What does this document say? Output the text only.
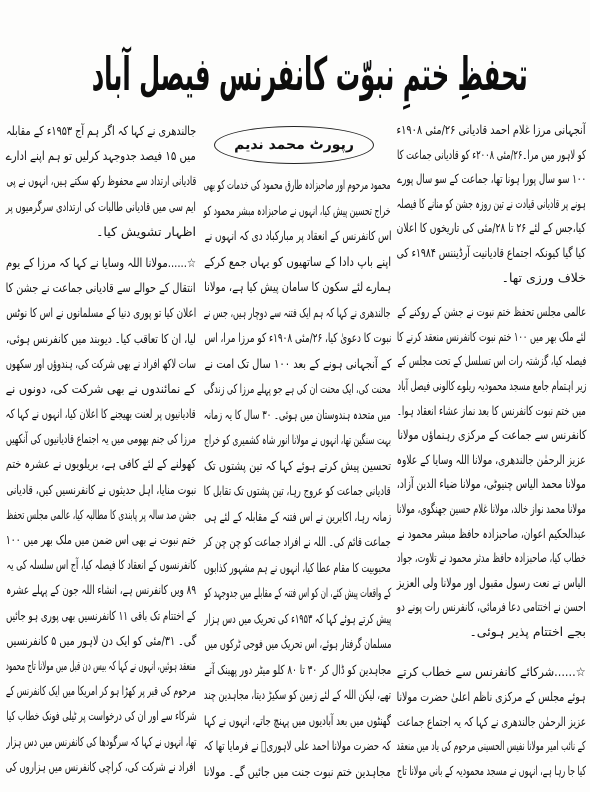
تحفظِ ختمِ نبوّت کانفرنس فیصل آباد
آنجہانی مرزا غلام احمد قادیانی ۲۶/مئی ۱۹۰۸ء
کو لاہور میں مرا۔۲۶/مئی ۲۰۰۸ء کو قادیانی جماعت کا
۱۰۰ سو سال پورا ہونا تھا، جماعت کے سو سال پورے
ہونے پر قادیانی قیادت نے تین روزہ جشن کو منانے کا فیصلہ
کیا،جس کے لئے ۲۶ تا ۲۸/مئی کی تاریخوں کا اعلان
کیا گیا کیونکہ اجتماع قادیانیت آرڈیننس ۱۹۸۴ء کی
خلاف ورزی تھا۔
عالمی مجلس تحفظ ختم نبوت نے جشن کے روکنے کے
لئے ملک بھر میں ۱۰۰ ختم نبوت کانفرنس منعقد کرنے کا
فیصلہ کیا، گزشتہ رات اس تسلسل کے تحت مجلس کے
زیر اہتمام جامع مسجد محمودیہ ریلوے کالونی فیصل آباد
میں ختم نبوت کانفرنس کا بعد نماز عشاء انعقاد ہوا۔
کانفرنس سے جماعت کے مرکزی رہنماؤں مولانا
عزیز الرحمٰن جالندھری، مولانا اللہ وسایا کے علاوہ
مولانا محمد الیاس چنیوٹی، مولانا ضیاء الدین آزاد،
مولانا محمد نواز خالد، مولانا غلام حسین جھنگوی، مولانا
عبدالحکیم اعوان، صاحبزادہ حافظ مبشر محمود نے
خطاب کیا، صاحبزادہ حافظ مدثر محمود نے تلاوت، جواد
الیاس نے نعت رسول مقبول اور مولانا ولی العزیز
احسن نے اختتامی دعا فرمائی، کانفرنس رات پونے دو
بجے اختتام پذیر ہوئی۔
☆......شرکائے کانفرنس سے خطاب کرتے
ہوئے مجلس کے مرکزی ناظم اعلیٰ حضرت مولانا
عزیز الرحمٰن جالندھری نے کہا کہ یہ اجتماع جماعت
کے نائب امیر مولانا نفیس الحسینی مرحوم کی یاد میں منعقد
کیا جا رہا ہے، انہوں نے مسجد محمودیہ کے بانی مولانا تاج
رپورٹ محمد ندیم
محمود مرحوم اور صاحبزادہ طارق محمود کی خدمات کو بھی
خراج تحسین پیش کیا، انہوں نے صاحبزادہ مبشر محمود کو
اس کانفرنس کے انعقاد پر مبارکباد دی کہ انہوں نے
اپنے باپ دادا کے ساتھیوں کو یہاں جمع کرکے
ہمارے لئے سکون کا سامان پیش کیا ہے، مولانا
جالندھری نے کہا کہ ہم ایک فتنہ سے دوچار ہیں، جس نے
نبوت کا دعویٰ کیا، ۲۶/مئی ۱۹۰۸ء کو مرزا مرا، اس
کے آنجہانی ہونے کے بعد ۱۰۰ سال تک امت نے
محنت کی، ایک محنت ان کی ہے جو پہلے مرزا کی زندگی
میں متحدہ ہندوستان میں ہوئی۔ ۳۰ سال کا یہ زمانہ
بہت سنگین تھا، انہوں نے مولانا انور شاہ کشمیری کو خراج
تحسین پیش کرتے ہوئے کہا کہ تین پشتوں تک
قادیانی جماعت کو عروج رہا، تین پشتوں تک تقابل کا
زمانہ رہا، اکابرین نے اس فتنہ کے مقابلہ کے لئے ہی
جماعت قائم کی۔ اللہ نے افراد جماعت کو چن چن کر
محبوبیت کا مقام عطا کیا، انہوں نے ہم مشہور کذابوں
کے واقعات پیش کئے، ان کو اس فتنہ کے مقابلے میں جدوجہد کو
پیش کرتے ہوئے کہا کہ ۱۹۵۳ء کی تحریک میں دس ہزار
مسلمان گرفتار ہوئے، اس تحریک میں فوجی ٹرکوں میں
مجاہدین کو ڈال کر ۳۰ تا ۸۰ کلو میٹر دور پھینک آتے
تھے، لیکن اللہ کے لئے زمین کو سکیڑ دیتا، مجاہدین چند
گھنٹوں میں بعد آبادیوں میں پہنچ جاتے، انہوں نے کہا
کہ حضرت مولانا احمد علی لاہوریؒ نے فرمایا تھا کہ
مجاہدین ختم نبوت جنت میں جائیں گے۔ مولانا
جالندھری نے کہا کہ اگر ہم آج ۱۹۵۳ء کے مقابلہ
میں ۱۵ فیصد جدوجہد کرلیں تو ہم اپنے ادارے
قادیانی ارتداد سے محفوظ رکھ سکتے ہیں، انہوں نے پی
ایم سی میں قادیانی طالبات کی ارتدادی سرگرمیوں پر
اظہار تشویش کیا۔
☆......مولانا اللہ وسایا نے کہا کہ مرزا کے یوم
انتقال کے حوالے سے قادیانی جماعت نے جشن کا
اعلان کیا تو پوری دنیا کے مسلمانوں نے اس کا نوٹس
لیا، ان کا تعاقب کیا۔ دیوبند میں کانفرنس ہوئی،
سات لاکھ افراد نے بھی شرکت کی، ہندوؤں اور سکھوں
کے نمائندوں نے بھی شرکت کی، دونوں نے
قادیانیوں پر لعنت بھیجنے کا اعلان کیا، انہوں نے کہا کہ
مرزا کی جنم بھومی میں یہ اجتماع قادیانیوں کی آنکھیں
کھولنے کے لئے کافی ہے، بریلویوں نے عشرہ ختم
نبوت منایا، اہل حدیثوں نے کانفرنسیں کیں، قادیانی
جشن صد سالہ پر پابندی کا مطالبہ کیا، عالمی مجلس تحفظ
ختم نبوت نے بھی اس ضمن میں ملک بھر میں ۱۰۰
کانفرنسوں کے انعقاد کا فیصلہ کیا، آج اس سلسلہ کی یہ
۸۹ ویں کانفرنس ہے، انشاء اللہ جون کے پہلے عشرہ
کے اختتام تک باقی ۱۱ کانفرنسیں بھی پوری ہو جائیں
گی۔ ۳۱/مئی کو ایک دن لاہور میں ۵ کانفرنسیں
منعقد ہوئیں، انہوں نے کہا کہ بیس دن قبل میں مولانا تاج محمود
مرحوم کی قبر پر کھڑا ہو کر امریکا میں ایک کانفرنس کے
شرکاء سے اور ان کی درخواست پر ٹیلی فونک خطاب کیا
تھا، انہوں نے کہا کہ سرگودھا کی کانفرنس میں دس ہزار
افراد نے شرکت کی، کراچی کانفرنس میں ہزاروں کی
